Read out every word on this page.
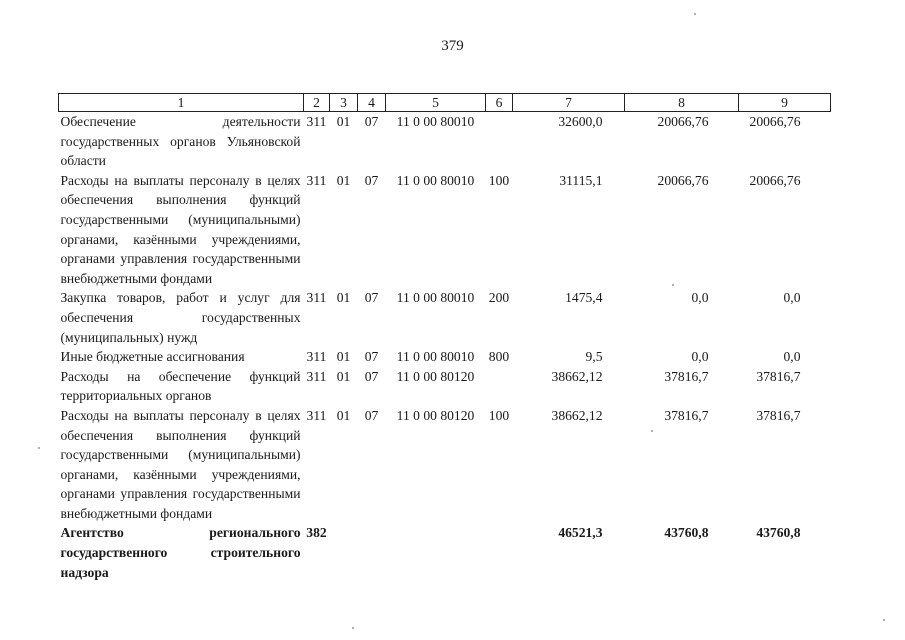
379
1	2	3	4	5	6	7	8	9
Обеспечение деятельности государственных органов Ульяновской области	311	01	07	11 0 00 80010		32600,0	20066,76	20066,76
Расходы на выплаты персоналу в целях обеспечения выполнения функций государственными (муниципальными) органами, казёнными учреждениями, органами управления государственными внебюджетными фондами	311	01	07	11 0 00 80010	100	31115,1	20066,76	20066,76
Закупка товаров, работ и услуг для обеспечения государственных (муниципальных) нужд	311	01	07	11 0 00 80010	200	1475,4	0,0	0,0
Иные бюджетные ассигнования	311	01	07	11 0 00 80010	800	9,5	0,0	0,0
Расходы на обеспечение функций территориальных органов	311	01	07	11 0 00 80120		38662,12	37816,7	37816,7
Расходы на выплаты персоналу в целях обеспечения выполнения функций государственными (муниципальными) органами, казёнными учреждениями, органами управления государственными внебюджетными фондами	311	01	07	11 0 00 80120	100	38662,12	37816,7	37816,7
Агентство регионального государственного строительного надзора	382					46521,3	43760,8	43760,8
